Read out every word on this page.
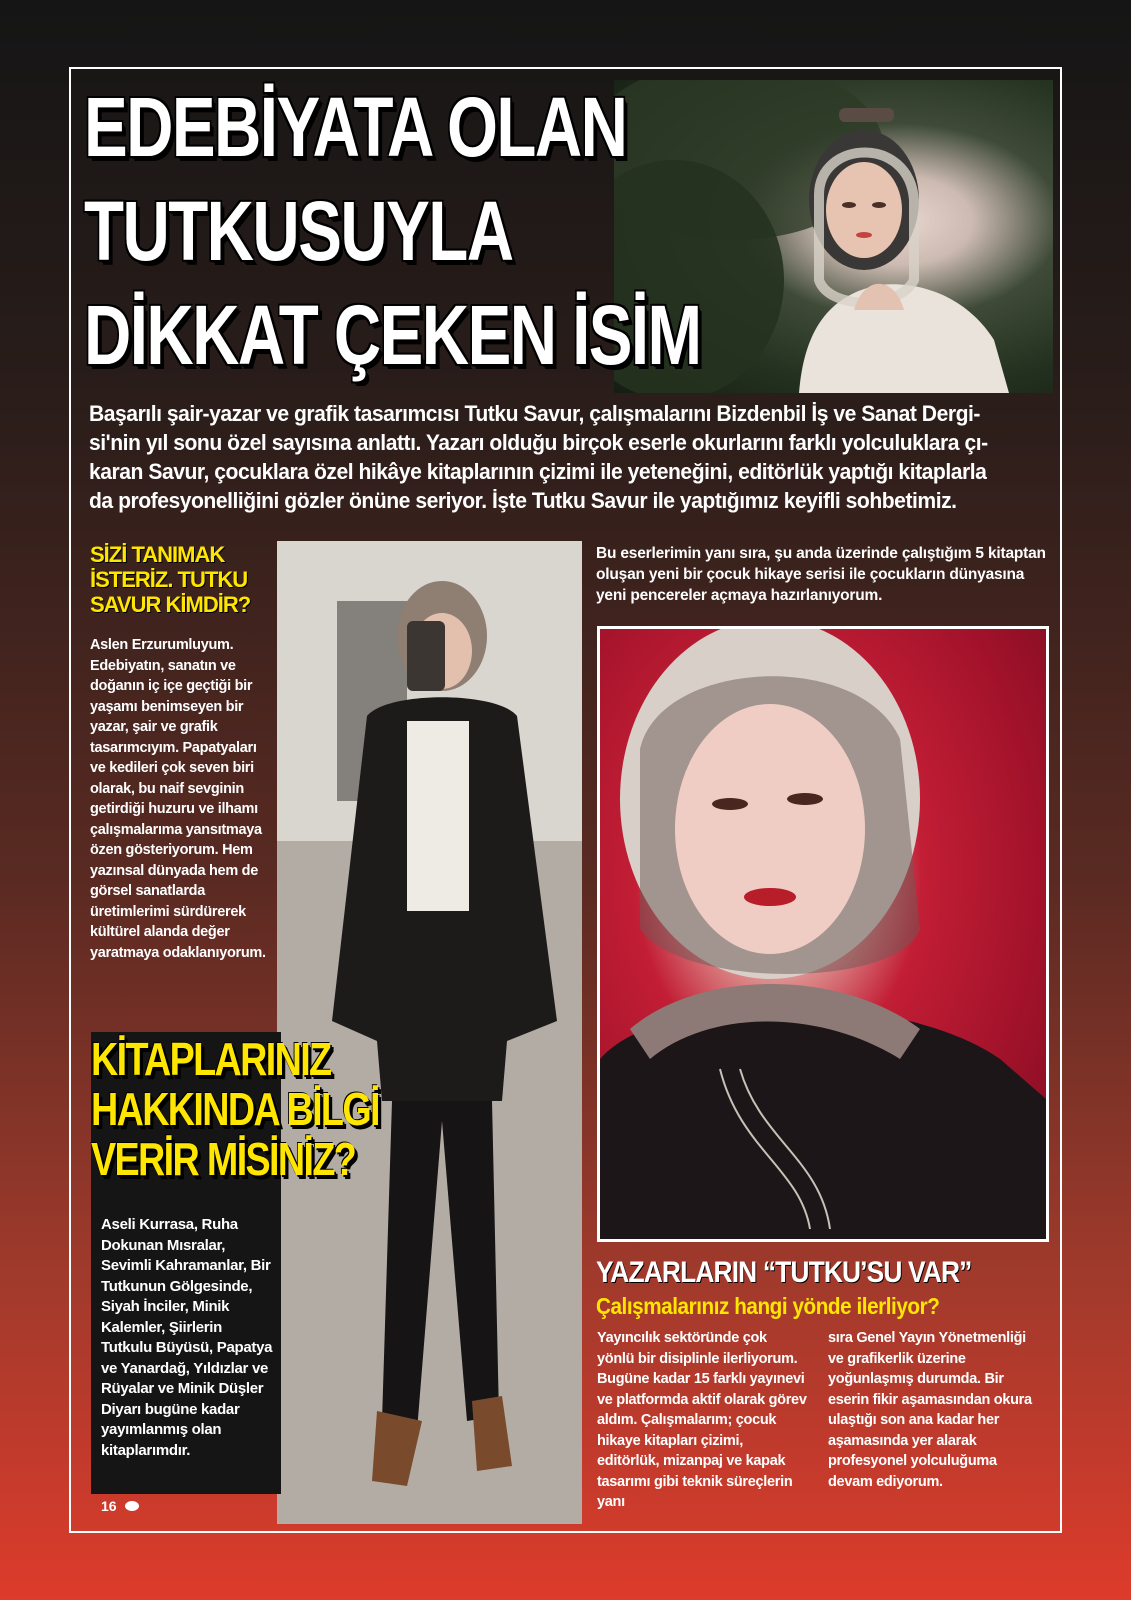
EDEBİYATA OLAN
TUTKUSUYLA
DİKKAT ÇEKEN İSİM

Başarılı şair-yazar ve grafik tasarımcısı Tutku Savur, çalışmalarını Bizdenbil İş ve Sanat Dergi-si'nin yıl sonu özel sayısına anlattı. Yazarı olduğu birçok eserle okurlarını farklı yolculuklara çı-karan Savur, çocuklara özel hikâye kitaplarının çizimi ile yeteneğini, editörlük yaptığı kitaplarla da profesyonelliğini gözler önüne seriyor. İşte Tutku Savur ile yaptığımız keyifli sohbetimiz.

SİZİ TANIMAK İSTERİZ. TUTKU SAVUR KİMDİR?

Aslen Erzurumluyum. Edebiyatın, sanatın ve doğanın iç içe geçtiği bir yaşamı benimseyen bir yazar, şair ve grafik tasarımcıyım. Papatyaları ve kedileri çok seven biri olarak, bu naif sevginin getirdiği huzuru ve ilhamı çalışmalarıma yansıtmaya özen gösteriyorum. Hem yazınsal dünyada hem de görsel sanatlarda üretimlerimi sürdürerek kültürel alanda değer yaratmaya odaklanıyorum.

KİTAPLARINIZ HAKKINDA BİLGİ VERİR MİSİNİZ?

Aseli Kurrasa, Ruha Dokunan Mısralar, Sevimli Kahramanlar, Bir Tutkunun Gölgesinde, Siyah İnciler, Minik Kalemler, Şiirlerin Tutkulu Büyüsü, Papatya ve Yanardağ, Yıldızlar ve Rüyalar ve Minik Düşler Diyarı bugüne kadar yayımlanmış olan kitaplarımdır.

Bu eserlerimin yanı sıra, şu anda üzerinde çalıştığım 5 kitaptan oluşan yeni bir çocuk hikaye serisi ile çocukların dünyasına yeni pencereler açmaya hazırlanıyorum.

YAZARLARIN “TUTKU’SU VAR”
Çalışmalarınız hangi yönde ilerliyor?

Yayıncılık sektöründe çok yönlü bir disiplinle ilerliyorum. Bugüne kadar 15 farklı yayınevi ve platformda aktif olarak görev aldım. Çalışmalarım; çocuk hikaye kitapları çizimi, editörlük, mizanpaj ve kapak tasarımı gibi teknik süreçlerin yanı

sıra Genel Yayın Yönetmenliği ve grafikerlik üzerine yoğunlaşmış durumda. Bir eserin fikir aşamasından okura ulaştığı son ana kadar her aşamasında yer alarak profesyonel yolculuğuma devam ediyorum.

16
